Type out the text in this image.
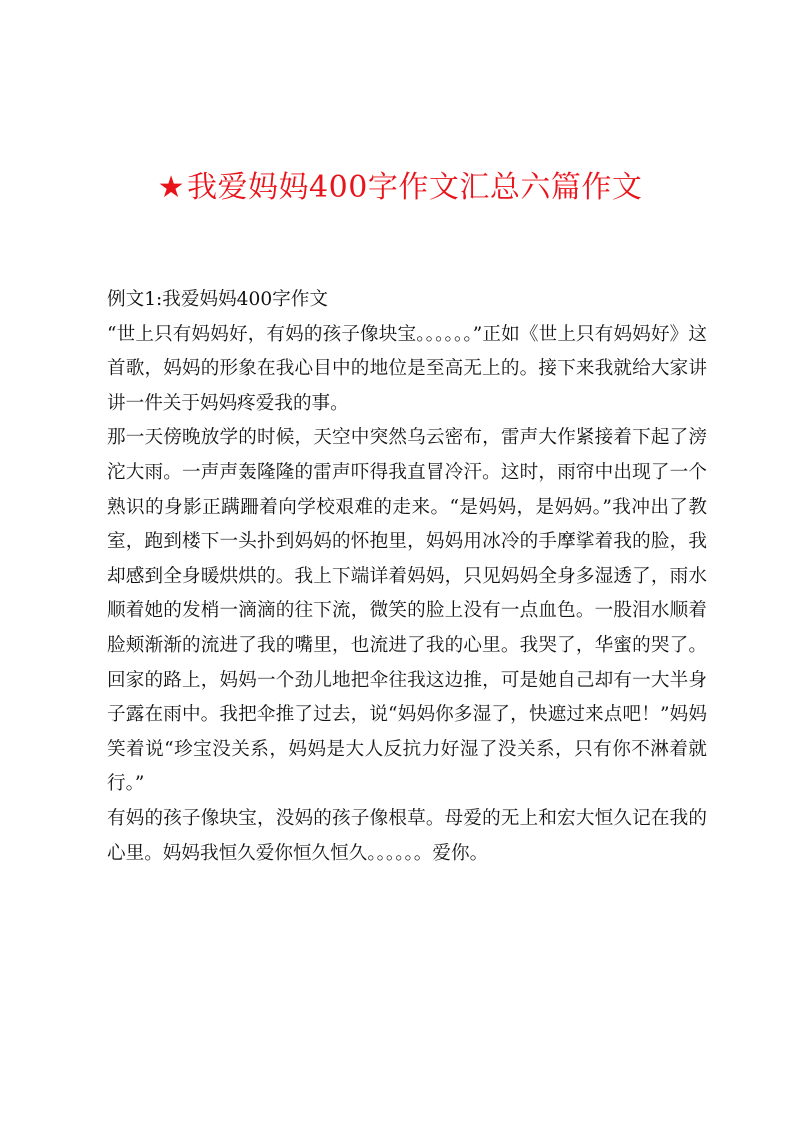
★我爱妈妈400字作文汇总六篇作文

例文1:我爱妈妈400字作文

“世上只有妈妈好，有妈的孩子像块宝。。。。。。”正如《世上只有妈妈好》这首歌，妈妈的形象在我心目中的地位是至高无上的。接下来我就给大家讲讲一件关于妈妈疼爱我的事。

那一天傍晚放学的时候，天空中突然乌云密布，雷声大作紧接着下起了滂沱大雨。一声声轰隆隆的雷声吓得我直冒冷汗。这时，雨帘中出现了一个熟识的身影正蹒跚着向学校艰难的走来。“是妈妈，是妈妈。”我冲出了教室，跑到楼下一头扑到妈妈的怀抱里，妈妈用冰冷的手摩挲着我的脸，我却感到全身暖烘烘的。我上下端详着妈妈，只见妈妈全身多湿透了，雨水顺着她的发梢一滴滴的往下流，微笑的脸上没有一点血色。一股泪水顺着脸颊渐渐的流进了我的嘴里，也流进了我的心里。我哭了，华蜜的哭了。回家的路上，妈妈一个劲儿地把伞往我这边推，可是她自己却有一大半身子露在雨中。我把伞推了过去，说“妈妈你多湿了，快遮过来点吧！”妈妈笑着说“珍宝没关系，妈妈是大人反抗力好湿了没关系，只有你不淋着就行。”

有妈的孩子像块宝，没妈的孩子像根草。母爱的无上和宏大恒久记在我的心里。妈妈我恒久爱你恒久恒久。。。。。。爱你。
